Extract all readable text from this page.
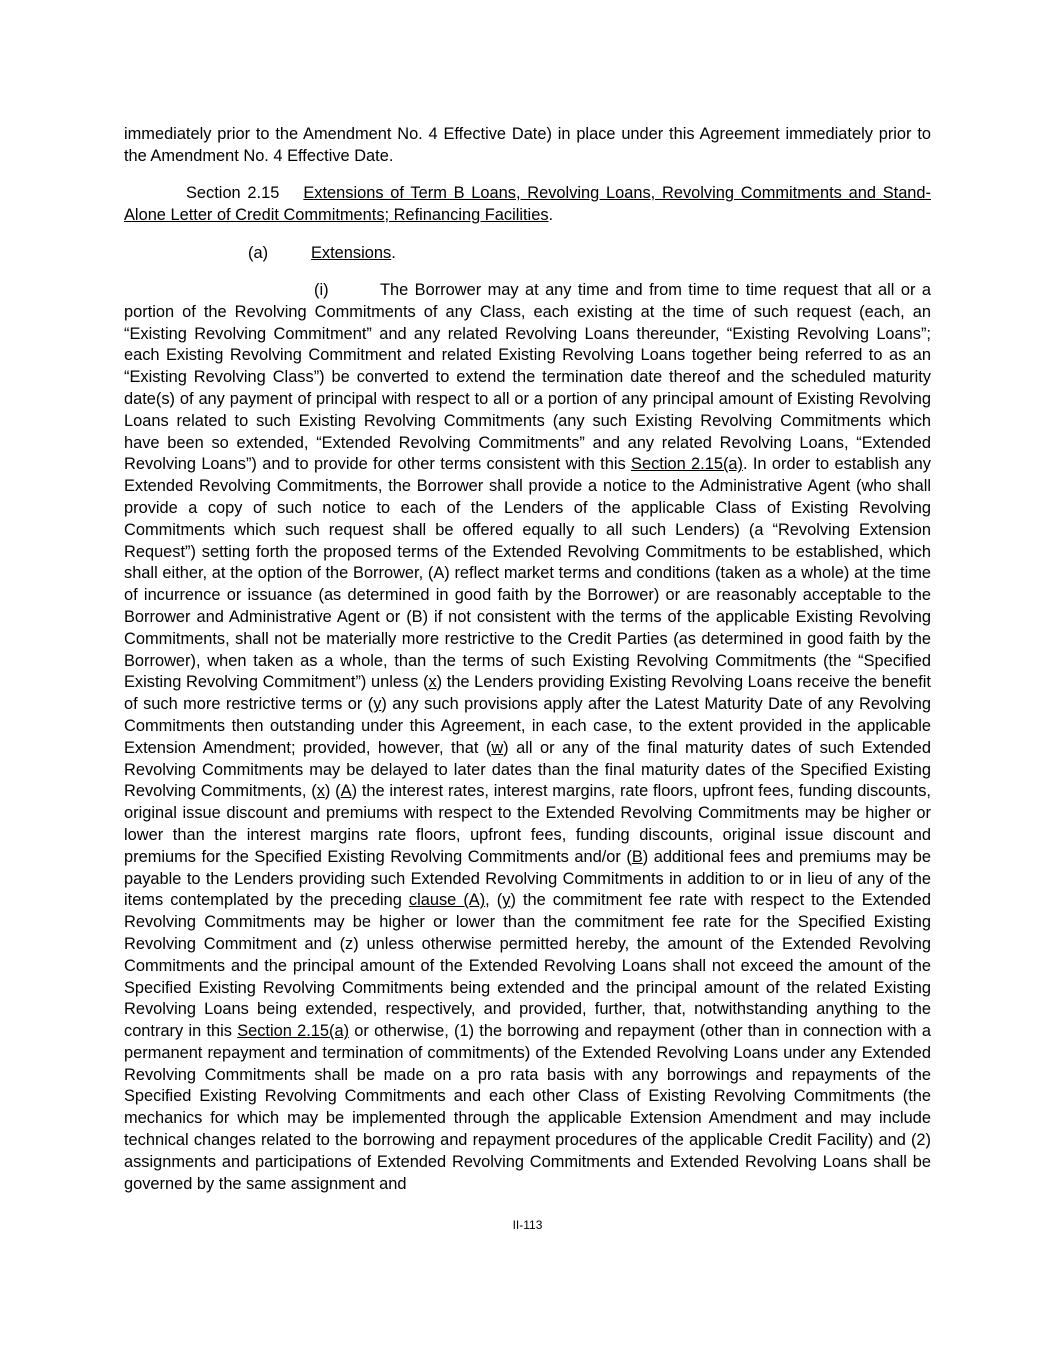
immediately prior to the Amendment No. 4 Effective Date) in place under this Agreement immediately prior to the Amendment No. 4 Effective Date.
Section 2.15 Extensions of Term B Loans, Revolving Loans, Revolving Commitments and Stand-Alone Letter of Credit Commitments; Refinancing Facilities.
(a)	Extensions.
(i)	The Borrower may at any time and from time to time request that all or a portion of the Revolving Commitments of any Class, each existing at the time of such request (each, an “Existing Revolving Commitment” and any related Revolving Loans thereunder, “Existing Revolving Loans”; each Existing Revolving Commitment and related Existing Revolving Loans together being referred to as an “Existing Revolving Class”) be converted to extend the termination date thereof and the scheduled maturity date(s) of any payment of principal with respect to all or a portion of any principal amount of Existing Revolving Loans related to such Existing Revolving Commitments (any such Existing Revolving Commitments which have been so extended, “Extended Revolving Commitments” and any related Revolving Loans, “Extended Revolving Loans”) and to provide for other terms consistent with this Section 2.15(a). In order to establish any Extended Revolving Commitments, the Borrower shall provide a notice to the Administrative Agent (who shall provide a copy of such notice to each of the Lenders of the applicable Class of Existing Revolving Commitments which such request shall be offered equally to all such Lenders) (a “Revolving Extension Request”) setting forth the proposed terms of the Extended Revolving Commitments to be established, which shall either, at the option of the Borrower, (A) reflect market terms and conditions (taken as a whole) at the time of incurrence or issuance (as determined in good faith by the Borrower) or are reasonably acceptable to the Borrower and Administrative Agent or (B) if not consistent with the terms of the applicable Existing Revolving Commitments, shall not be materially more restrictive to the Credit Parties (as determined in good faith by the Borrower), when taken as a whole, than the terms of such Existing Revolving Commitments (the “Specified Existing Revolving Commitment”) unless (x) the Lenders providing Existing Revolving Loans receive the benefit of such more restrictive terms or (y) any such provisions apply after the Latest Maturity Date of any Revolving Commitments then outstanding under this Agreement, in each case, to the extent provided in the applicable Extension Amendment; provided, however, that (w) all or any of the final maturity dates of such Extended Revolving Commitments may be delayed to later dates than the final maturity dates of the Specified Existing Revolving Commitments, (x) (A) the interest rates, interest margins, rate floors, upfront fees, funding discounts, original issue discount and premiums with respect to the Extended Revolving Commitments may be higher or lower than the interest margins rate floors, upfront fees, funding discounts, original issue discount and premiums for the Specified Existing Revolving Commitments and/or (B) additional fees and premiums may be payable to the Lenders providing such Extended Revolving Commitments in addition to or in lieu of any of the items contemplated by the preceding clause (A), (y) the commitment fee rate with respect to the Extended Revolving Commitments may be higher or lower than the commitment fee rate for the Specified Existing Revolving Commitment and (z) unless otherwise permitted hereby, the amount of the Extended Revolving Commitments and the principal amount of the Extended Revolving Loans shall not exceed the amount of the Specified Existing Revolving Commitments being extended and the principal amount of the related Existing Revolving Loans being extended, respectively, and provided, further, that, notwithstanding anything to the contrary in this Section 2.15(a) or otherwise, (1) the borrowing and repayment (other than in connection with a permanent repayment and termination of commitments) of the Extended Revolving Loans under any Extended Revolving Commitments shall be made on a pro rata basis with any borrowings and repayments of the Specified Existing Revolving Commitments and each other Class of Existing Revolving Commitments (the mechanics for which may be implemented through the applicable Extension Amendment and may include technical changes related to the borrowing and repayment procedures of the applicable Credit Facility) and (2) assignments and participations of Extended Revolving Commitments and Extended Revolving Loans shall be governed by the same assignment and
II-113
